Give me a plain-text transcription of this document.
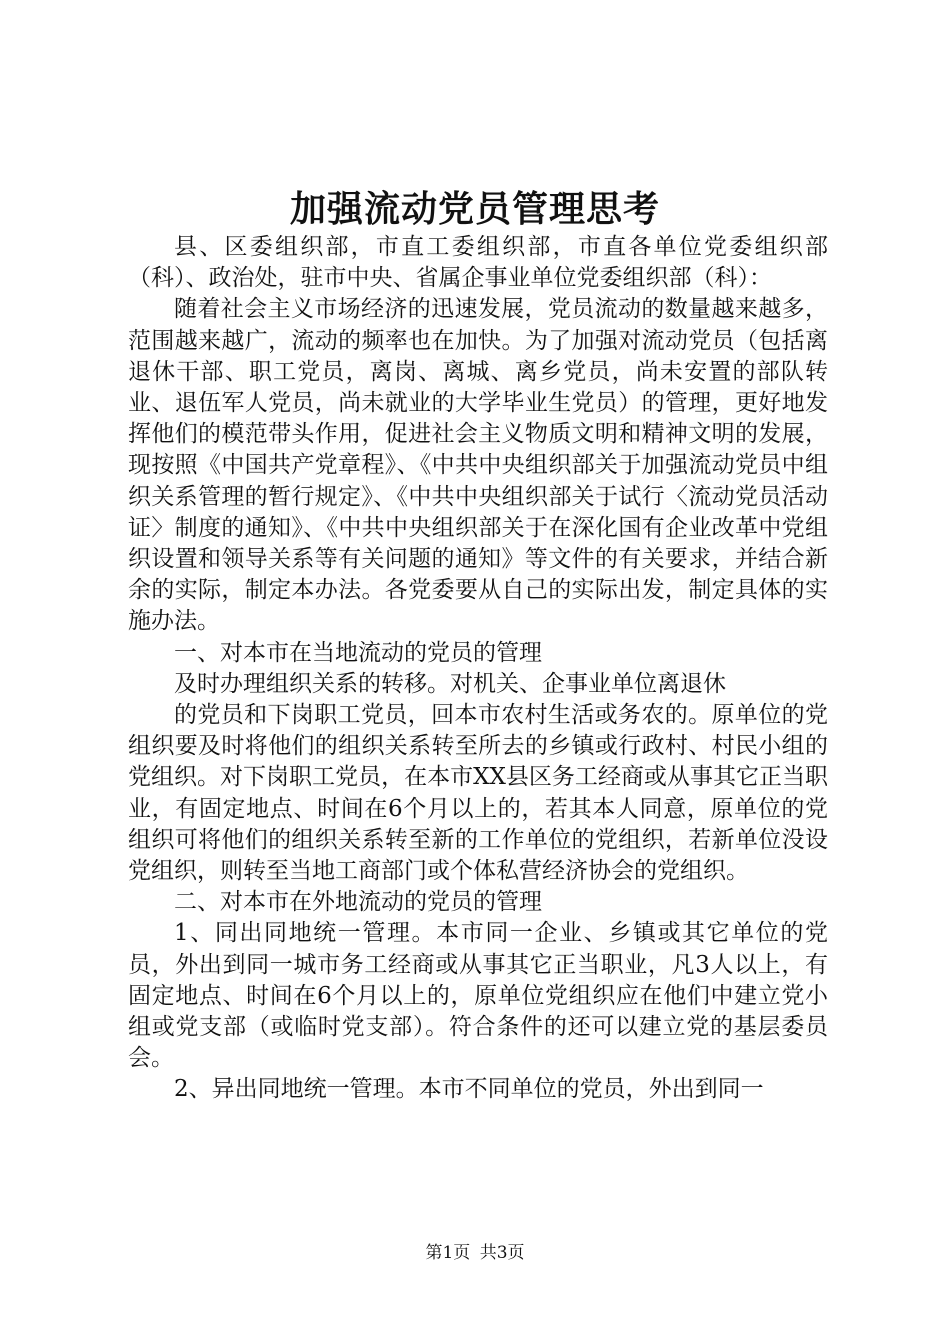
加强流动党员管理思考

县、区委组织部，市直工委组织部，市直各单位党委组织部（科）、政治处，驻市中央、省属企事业单位党委组织部（科）：

随着社会主义市场经济的迅速发展，党员流动的数量越来越多，范围越来越广，流动的频率也在加快。为了加强对流动党员（包括离退休干部、职工党员，离岗、离城、离乡党员，尚未安置的部队转业、退伍军人党员，尚未就业的大学毕业生党员）的管理，更好地发挥他们的模范带头作用，促进社会主义物质文明和精神文明的发展，现按照《中国共产党章程》、《中共中央组织部关于加强流动党员中组织关系管理的暂行规定》、《中共中央组织部关于试行〈流动党员活动证〉制度的通知》、《中共中央组织部关于在深化国有企业改革中党组织设置和领导关系等有关问题的通知》等文件的有关要求，并结合新余的实际，制定本办法。各党委要从自己的实际出发，制定具体的实施办法。

一、对本市在当地流动的党员的管理

及时办理组织关系的转移。对机关、企事业单位离退休

的党员和下岗职工党员，回本市农村生活或务农的。原单位的党组织要及时将他们的组织关系转至所去的乡镇或行政村、村民小组的党组织。对下岗职工党员，在本市XX县区务工经商或从事其它正当职业，有固定地点、时间在6个月以上的，若其本人同意，原单位的党组织可将他们的组织关系转至新的工作单位的党组织，若新单位没设党组织，则转至当地工商部门或个体私营经济协会的党组织。

二、对本市在外地流动的党员的管理

1、同出同地统一管理。本市同一企业、乡镇或其它单位的党员，外出到同一城市务工经商或从事其它正当职业，凡3人以上，有固定地点、时间在6个月以上的，原单位党组织应在他们中建立党小组或党支部（或临时党支部）。符合条件的还可以建立党的基层委员会。

2、异出同地统一管理。本市不同单位的党员，外出到同一

第1页 共3页
